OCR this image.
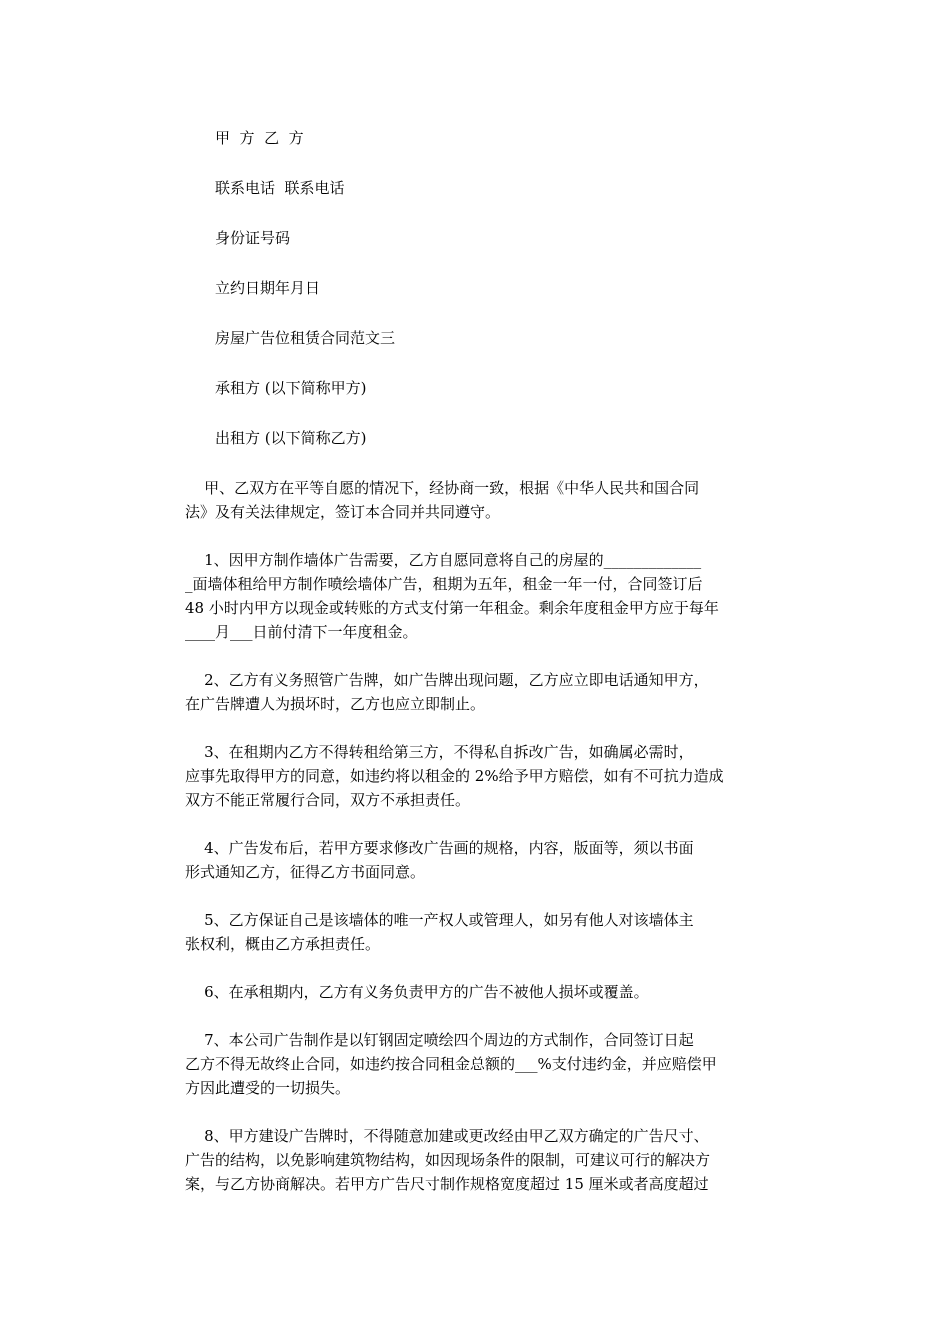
甲  方  乙  方
联系电话  联系电话
身份证号码
立约日期年月日
房屋广告位租赁合同范文三
承租方 (以下简称甲方)
出租方 (以下简称乙方)
甲、乙双方在平等自愿的情况下，经协商一致，根据《中华人民共和国合同
法》及有关法律规定，签订本合同并共同遵守。
1、因甲方制作墙体广告需要，乙方自愿同意将自己的房屋的_____________
_面墙体租给甲方制作喷绘墙体广告，租期为五年，租金一年一付，合同签订后
48 小时内甲方以现金或转账的方式支付第一年租金。剩余年度租金甲方应于每年
____月___日前付清下一年度租金。
2、乙方有义务照管广告牌，如广告牌出现问题，乙方应立即电话通知甲方，
在广告牌遭人为损坏时，乙方也应立即制止。
3、在租期内乙方不得转租给第三方，不得私自拆改广告，如确属必需时，
应事先取得甲方的同意，如违约将以租金的 2%给予甲方赔偿，如有不可抗力造成
双方不能正常履行合同，双方不承担责任。
4、广告发布后，若甲方要求修改广告画的规格，内容，版面等，须以书面
形式通知乙方，征得乙方书面同意。
5、乙方保证自己是该墙体的唯一产权人或管理人，如另有他人对该墙体主
张权利，概由乙方承担责任。
6、在承租期内，乙方有义务负责甲方的广告不被他人损坏或覆盖。
7、本公司广告制作是以钉钢固定喷绘四个周边的方式制作，合同签订日起
乙方不得无故终止合同，如违约按合同租金总额的___%支付违约金，并应赔偿甲
方因此遭受的一切损失。
8、甲方建设广告牌时，不得随意加建或更改经由甲乙双方确定的广告尺寸、
广告的结构，以免影响建筑物结构，如因现场条件的限制，可建议可行的解决方
案，与乙方协商解决。若甲方广告尺寸制作规格宽度超过 15 厘米或者高度超过
